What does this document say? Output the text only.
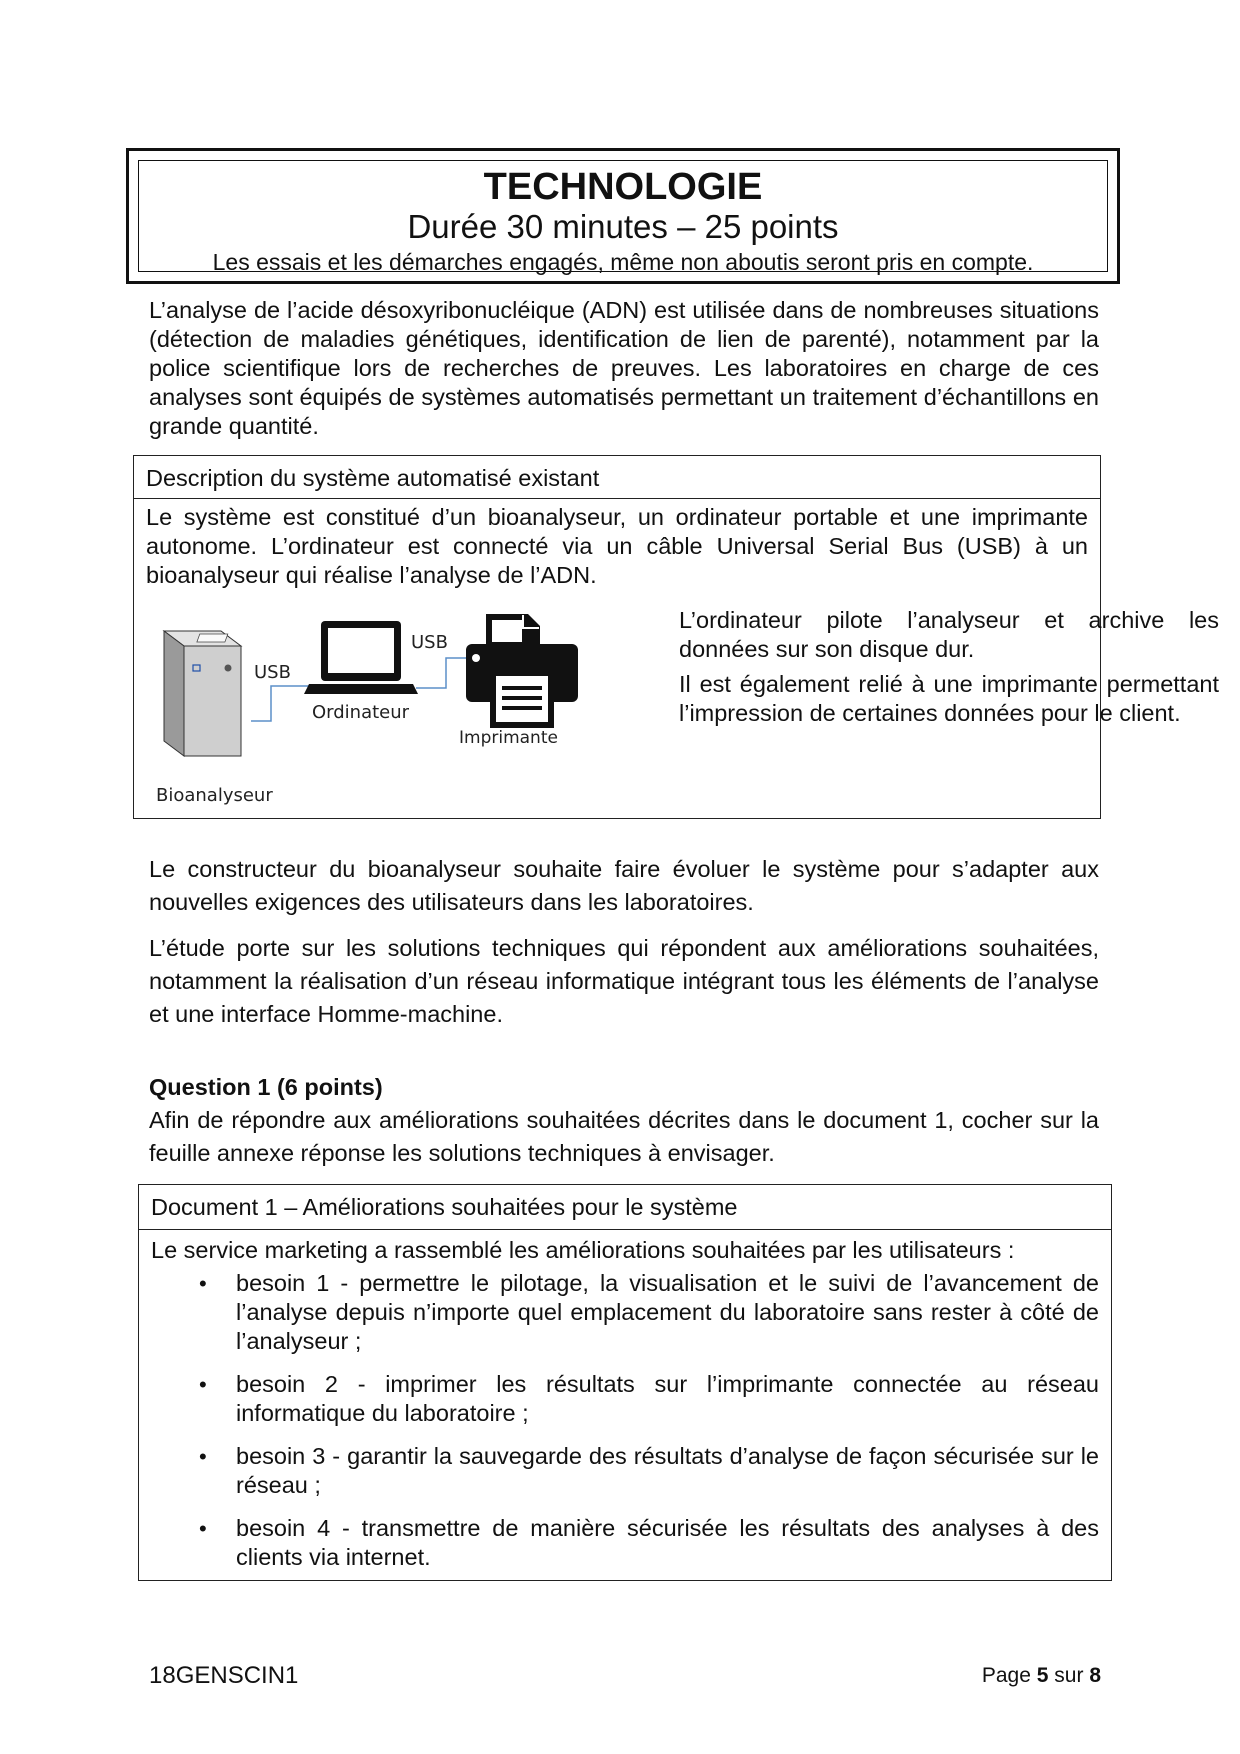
TECHNOLOGIE
Durée 30 minutes – 25 points
Les essais et les démarches engagés, même non aboutis seront pris en compte.
L’analyse de l’acide désoxyribonucléique (ADN) est utilisée dans de nombreuses situations (détection de maladies génétiques, identification de lien de parenté), notamment par la police scientifique lors de recherches de preuves. Les laboratoires en charge de ces analyses sont équipés de systèmes automatisés permettant un traitement d’échantillons en grande quantité.
Description du système automatisé existant
Le système est constitué d’un bioanalyseur, un ordinateur portable et une imprimante autonome. L’ordinateur est connecté via un câble Universal Serial Bus (USB) à un bioanalyseur qui réalise l’analyse de l’ADN.
Bioanalyseur
USB
Ordinateur
USB
Imprimante

L’ordinateur pilote l’analyseur et archive les données sur son disque dur.

Il est également relié à une imprimante permettant l’impression de certaines données pour le client.

Le constructeur du bioanalyseur souhaite faire évoluer le système pour s’adapter aux nouvelles exigences des utilisateurs dans les laboratoires.
L’étude porte sur les solutions techniques qui répondent aux améliorations souhaitées, notamment la réalisation d’un réseau informatique intégrant tous les éléments de l’analyse et une interface Homme-machine.
Question 1 (6 points)
Afin de répondre aux améliorations souhaitées décrites dans le document 1, cocher sur la feuille annexe réponse les solutions techniques à envisager.
Document 1 – Améliorations souhaitées pour le système
Le service marketing a rassemblé les améliorations souhaitées par les utilisateurs :
• besoin 1 - permettre le pilotage, la visualisation et le suivi de l’avancement de l’analyse depuis n’importe quel emplacement du laboratoire sans rester à côté de l’analyseur ;
• besoin 2 - imprimer les résultats sur l’imprimante connectée au réseau informatique du laboratoire ;
• besoin 3 - garantir la sauvegarde des résultats d’analyse de façon sécurisée sur le réseau ;
• besoin 4 - transmettre de manière sécurisée les résultats des analyses à des clients via internet.
18GENSCIN1	Page 5 sur 8
